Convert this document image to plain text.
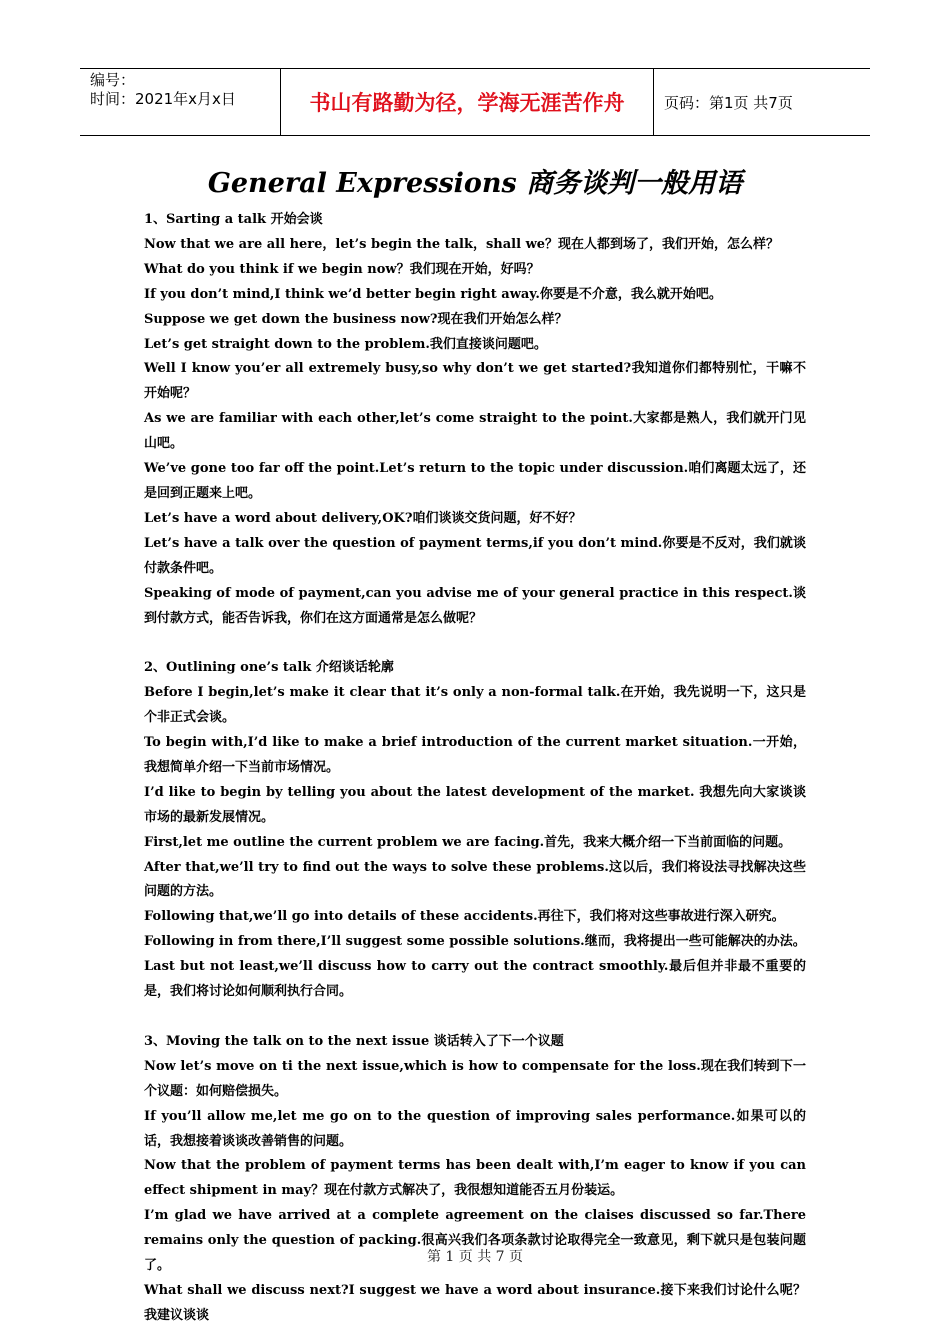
编号：
时间：2021年x月x日	书山有路勤为径，学海无涯苦作舟	页码：第1页 共7页
General Expressions 商务谈判一般用语

1、Sarting a talk 开始会谈

Now that we are all here，let’s begin the talk，shall we？现在人都到场了，我们开始，怎么样？

What do you think if we begin now？我们现在开始，好吗？

If you don’t mind,I think we’d better begin right away.你要是不介意，我么就开始吧。

Suppose we get down the business now?现在我们开始怎么样？

Let’s get straight down to the problem.我们直接谈问题吧。

Well I know you’er all extremely busy,so why don’t we get started?我知道你们都特别忙，干嘛不开始呢？

As we are familiar with each other,let’s come straight to the point.大家都是熟人，我们就开门见山吧。

We’ve gone too far off the point.Let’s return to the topic under discussion.咱们离题太远了，还是回到正题来上吧。

Let’s have a word about delivery,OK?咱们谈谈交货问题，好不好？

Let’s have a talk over the question of payment terms,if you don’t mind.你要是不反对，我们就谈付款条件吧。

Speaking of mode of payment,can you advise me of your general practice in this respect.谈到付款方式，能否告诉我，你们在这方面通常是怎么做呢？

2、Outlining one’s talk 介绍谈话轮廓

Before I begin,let’s make it clear that it’s only a non-formal talk.在开始，我先说明一下，这只是个非正式会谈。

To begin with,I’d like to make a brief introduction of the current market situation.一开始，我想简单介绍一下当前市场情况。

I’d like to begin by telling you about the latest development of the market. 我想先向大家谈谈市场的最新发展情况。

First,let me outline the current problem we are facing.首先，我来大概介绍一下当前面临的问题。

After that,we’ll try to find out the ways to solve these problems.这以后，我们将设法寻找解决这些问题的方法。

Following that,we’ll go into details of these accidents.再往下，我们将对这些事故进行深入研究。

Following in from there,I’ll suggest some possible solutions.继而，我将提出一些可能解决的办法。

Last but not least,we’ll discuss how to carry out the contract smoothly.最后但并非最不重要的是，我们将讨论如何顺利执行合同。

3、Moving the talk on to the next issue 谈话转入了下一个议题

Now let’s move on ti the next issue,which is how to compensate for the loss.现在我们转到下一个议题：如何赔偿损失。

If you’ll allow me,let me go on to the question of improving sales performance.如果可以的话，我想接着谈谈改善销售的问题。

Now that the problem of payment terms has been dealt with,I’m eager to know if you can effect shipment in may？现在付款方式解决了，我很想知道能否五月份装运。

I’m glad we have arrived at a complete agreement on the claises discussed so far.There remains only the question of packing.很高兴我们各项条款讨论取得完全一致意见，剩下就只是包装问题了。

What shall we discuss next?I suggest we have a word about insurance.接下来我们讨论什么呢？我建议谈谈

第 1 页 共 7 页
